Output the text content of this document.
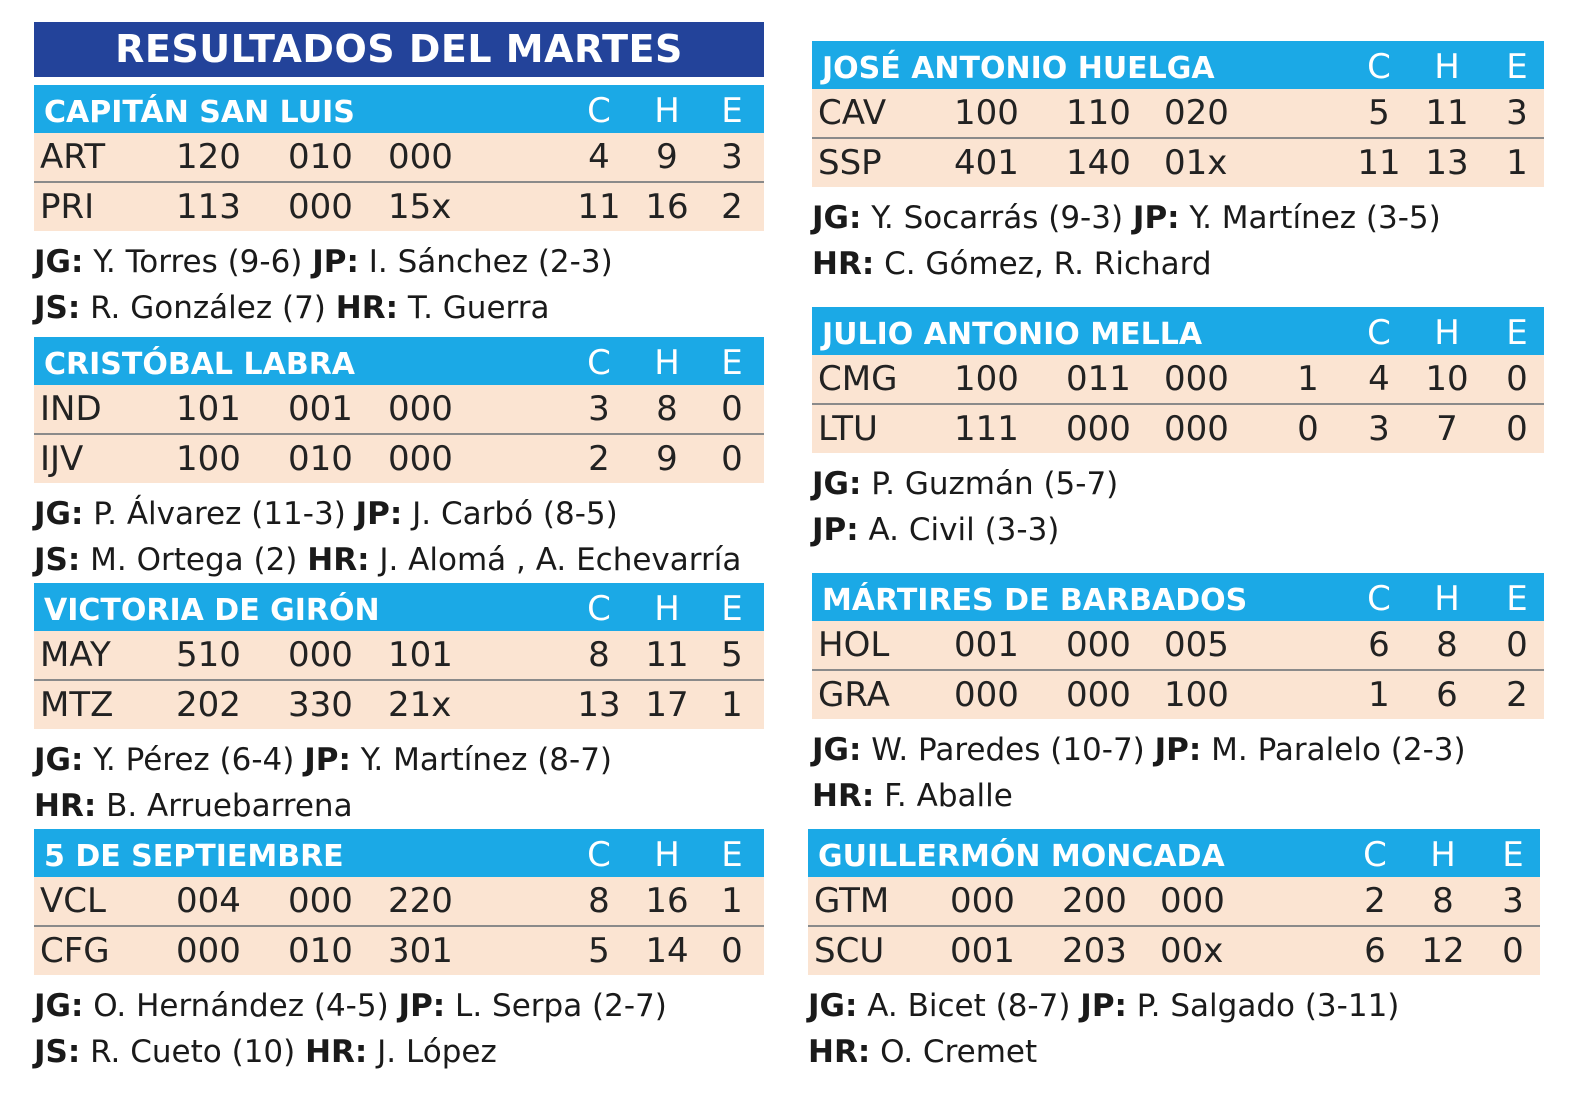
RESULTADOS DEL MARTES
CAPITÁN SAN LUIS	C	H	E
ART 120 010 000	4	9	3
PRI 113 000 15x	11 16 2
JG: Y. Torres (9-6) JP: I. Sánchez (2-3)
JS: R. González (7) HR: T. Guerra
CRISTÓBAL LABRA	C	H	E
IND 101 001 000	3	8	0
IJV	100 010 000	2	9	0
JG: P. Álvarez (11-3) JP: J. Carbó (8-5)
JS: M. Ortega (2) HR: J. Alomá , A. Echevarría
VICTORIA DE GIRÓN	C	H	E
MAY 510 000 101	8	11 5
MTZ 202 330 21x	13 17 1
JG: Y. Pérez (6-4) JP: Y. Martínez (8-7)
HR: B. Arruebarrena
5 DE SEPTIEMBRE	C	H	E
VCL 004 000 220	8	16 1
CFG 000 010 301	5	14 0
JG: O. Hernández (4-5) JP: L. Serpa (2-7)
JS: R. Cueto (10) HR: J. López
JOSÉ ANTONIO HUELGA	C	H	E
CAV 100 110 020	5	11	3
SSP 401 140 01x	11 13	1
JG: Y. Socarrás (9-3) JP: Y. Martínez (3-5)
HR: C. Gómez, R. Richard
JULIO ANTONIO MELLA	C	H	E
CMG 100 011 000	1	4	10	0
LTU 111 000 000	0	3	7	0
JG: P. Guzmán (5-7)
JP: A. Civil (3-3)
MÁRTIRES DE BARBADOS	C	H	E
HOL 001 000 005	6	8	0
GRA 000 000 100	1	6	2
JG: W. Paredes (10-7) JP: M. Paralelo (2-3)
HR: F. Aballe
GUILLERMÓN MONCADA	C	H	E
GTM 000 200 000	2	8	3
SCU 001 203 00x	6	12	0
JG: A. Bicet (8-7) JP: P. Salgado (3-11)
HR: O. Cremet
